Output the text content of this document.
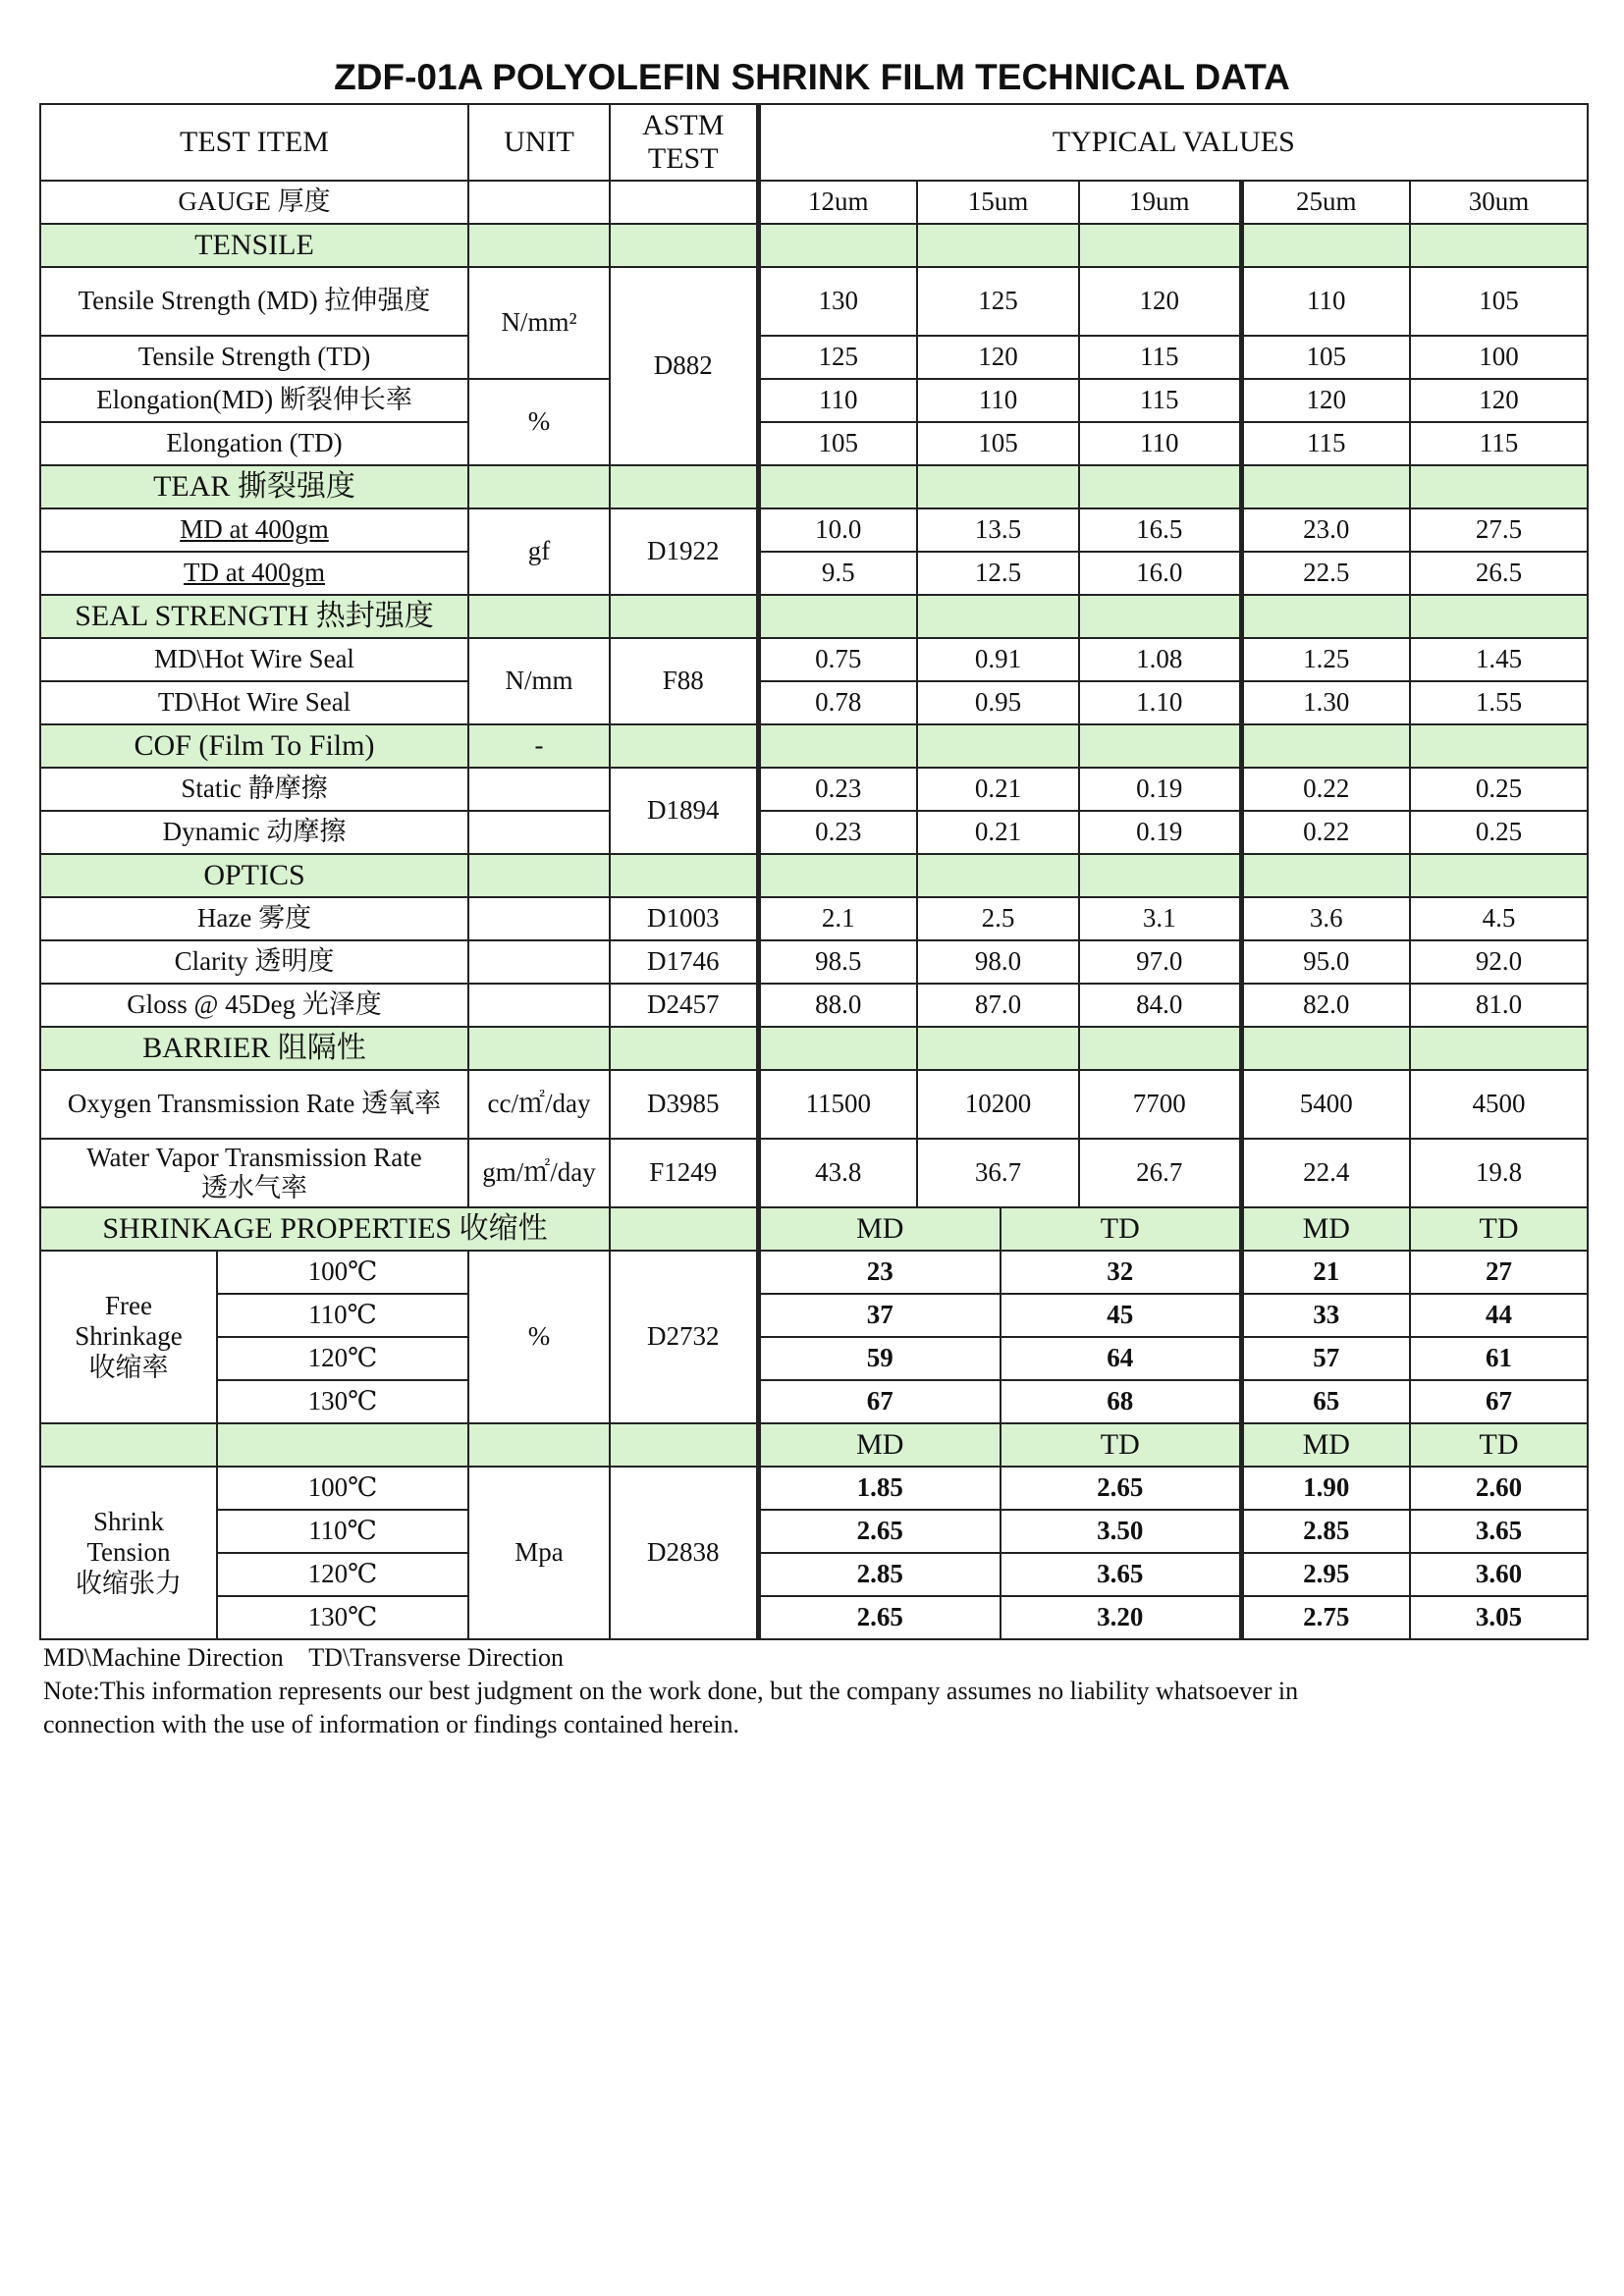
ZDF-01A POLYOLEFIN SHRINK FILM TECHNICAL DATA
TEST ITEM		UNIT	ASTM
TEST	TYPICAL VALUES					
GAUGE 厚度				12um	15um		19um	25um	30um
TENSILE									
Tensile Strength (MD) 拉伸强度		N/mm²	D882	130	125		120	110	105
Tensile Strength (TD)				125	120		115	105	100
Elongation(MD) 断裂伸长率		%		110	110		115	120	120
Elongation (TD)				105	105		110	115	115
TEAR 撕裂强度									
MD at 400gm		gf	D1922	10.0	13.5		16.5	23.0	27.5
TD at 400gm				9.5	12.5		16.0	22.5	26.5
SEAL STRENGTH 热封强度									
MD\Hot Wire Seal		N/mm	F88	0.75	0.91		1.08	1.25	1.45
TD\Hot Wire Seal				0.78	0.95		1.10	1.30	1.55
COF (Film To Film)		-							
Static 静摩擦			D1894	0.23	0.21		0.19	0.22	0.25
Dynamic 动摩擦				0.23	0.21		0.19	0.22	0.25
OPTICS									
Haze 雾度			D1003	2.1	2.5		3.1	3.6	4.5
Clarity 透明度			D1746	98.5	98.0		97.0	95.0	92.0
Gloss @ 45Deg 光泽度			D2457	88.0	87.0		84.0	82.0	81.0
BARRIER 阻隔性									
Oxygen Transmission Rate 透氧率		cc/㎡/day	D3985	11500	10200		7700	5400	4500
Water Vapor Transmission Rate
透水气率		gm/㎡/day	F1249	43.8	36.7		26.7	22.4	19.8
SHRINKAGE PROPERTIES 收缩性				MD		TD		MD	TD
Free
Shrinkage
收缩率	100℃	%	D2732	23		32		21	27
	110℃			37		45		33	44
	120℃			59		64		57	61
	130℃			67		68		65	67
				MD		TD		MD	TD
Shrink
Tension
收缩张力	100℃	Mpa	D2838	1.85		2.65		1.90	2.60
	110℃			2.65		3.50		2.85	3.65
	120℃			2.85		3.65		2.95	3.60
	130℃			2.65		3.20		2.75	3.05
MD\Machine Direction    TD\Transverse Direction
Note:This information represents our best judgment on the work done, but the company assumes no liability whatsoever in
connection with the use of information or findings contained herein.
